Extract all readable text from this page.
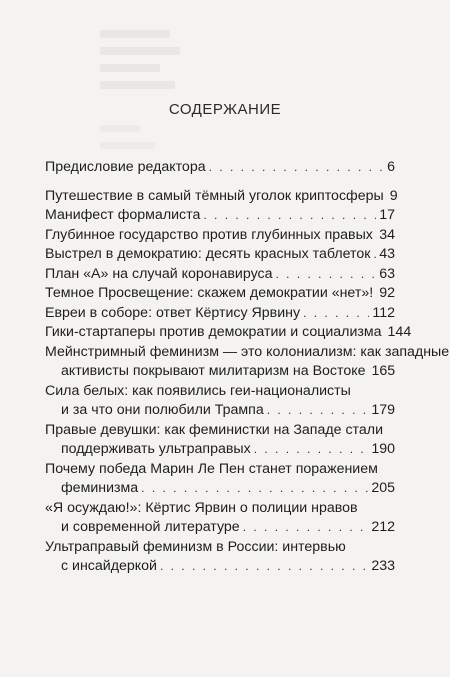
СОДЕРЖАНИЕ
Предисловие редактора . . .	6
Путешествие в самый тёмный уголок криптосферы 9
Манифест формалиста . . .	17
Глубинное государство против глубинных правых . . . 34
Выстрел в демократию: десять красных таблеток . . . 43
План «А» на случай коронавируса . . .	63
Темное Просвещение: скажем демократии «нет»! . . . 92
Евреи в соборе: ответ Кёртису Ярвину . . .	112
Гики-стартаперы против демократии и социализма 144
Мейнстримный феминизм — это колониализм: как западные
активисты покрывают милитаризм на Востоке 165
Сила белых: как появились геи-националисты
и за что они полюбили Трампа . . .	179
Правые девушки: как феминистки на Западе стали
поддерживать ультраправых . . .	190
Почему победа Марин Ле Пен станет поражением
феминизма . . .	205
«Я осуждаю!»: Кёртис Ярвин о полиции нравов
и современной литературе . . .	212
Ультраправый феминизм в России: интервью
с инсайдеркой . . .	233
